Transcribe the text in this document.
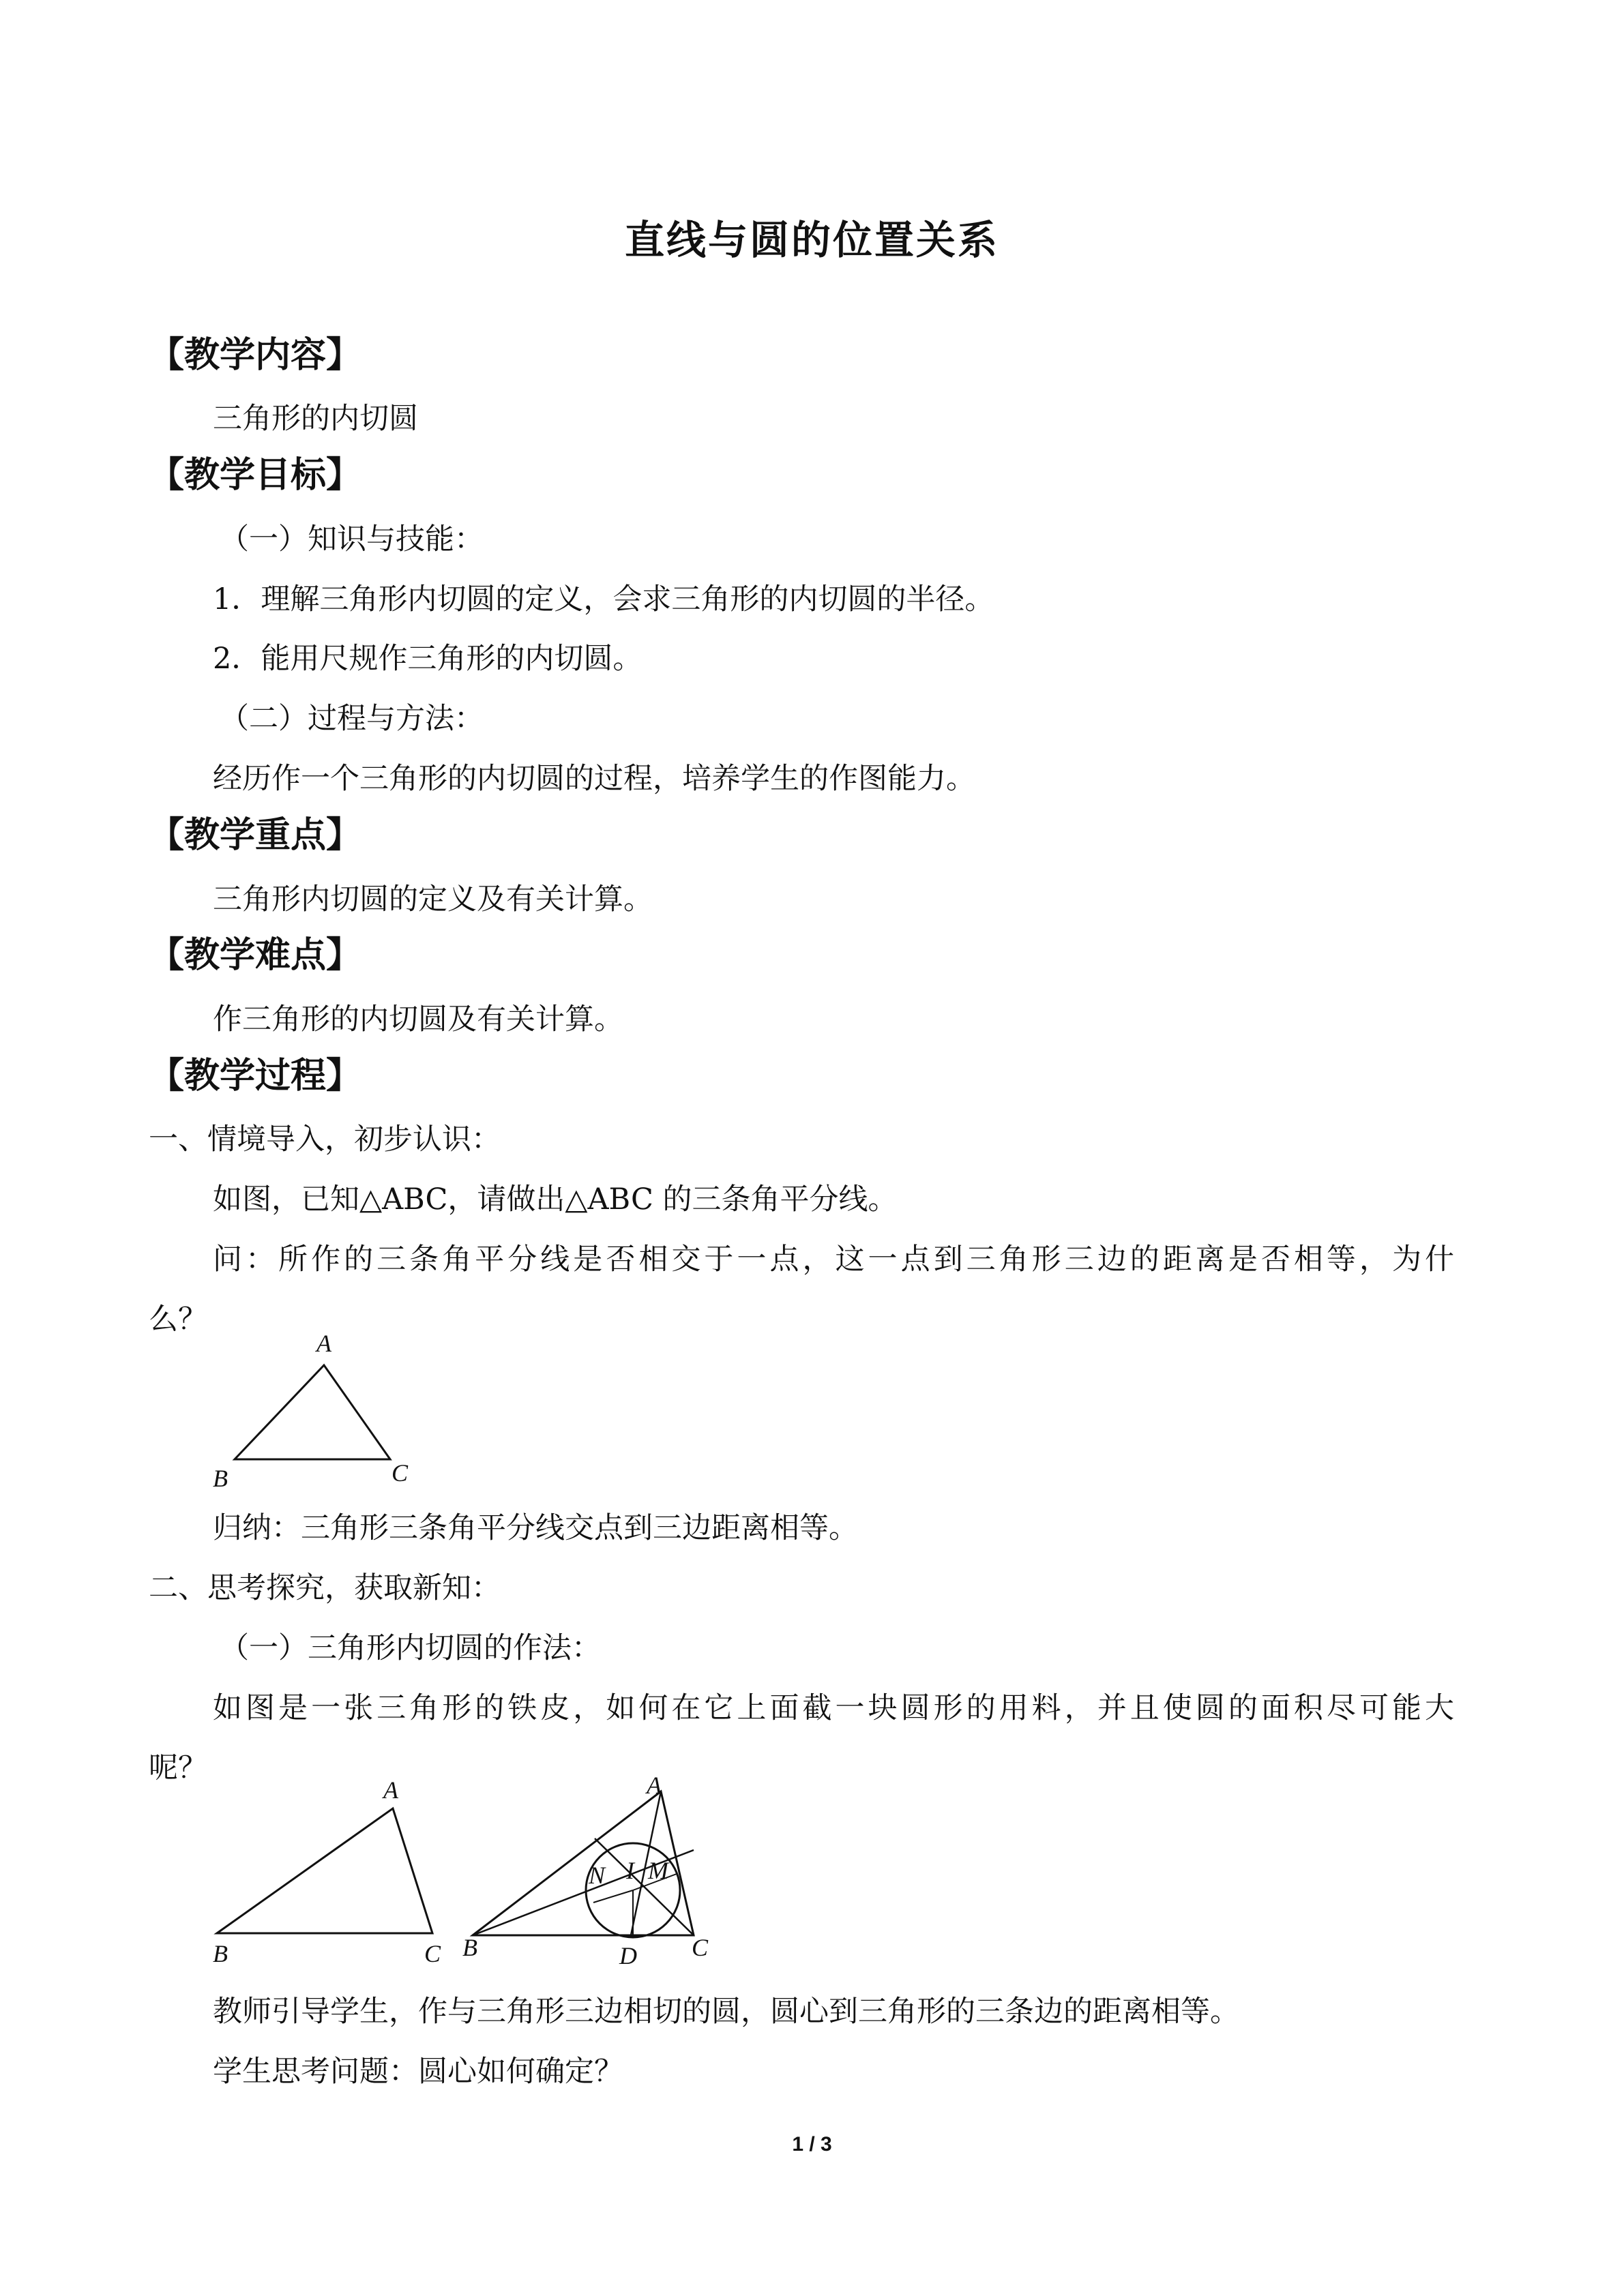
直线与圆的位置关系
【教学内容】
三角形的内切圆
【教学目标】
（一）知识与技能：
1．理解三角形内切圆的定义，会求三角形的内切圆的半径。
2．能用尺规作三角形的内切圆。
（二）过程与方法：
经历作一个三角形的内切圆的过程，培养学生的作图能力。
【教学重点】
三角形内切圆的定义及有关计算。
【教学难点】
作三角形的内切圆及有关计算。
【教学过程】
一、情境导入，初步认识：
如图，已知△ABC，请做出△ABC 的三条角平分线。
问：所作的三条角平分线是否相交于一点，这一点到三角形三边的距离是否相等，为什
么？
A
B	C
归纳：三角形三条角平分线交点到三边距离相等。
二、思考探究，获取新知：
（一）三角形内切圆的作法：
如图是一张三角形的铁皮，如何在它上面截一块圆形的用料，并且使圆的面积尽可能大
呢？
A
B	C
A
B	C
D
N I M
教师引导学生，作与三角形三边相切的圆，圆心到三角形的三条边的距离相等。
学生思考问题：圆心如何确定？
1 / 3
